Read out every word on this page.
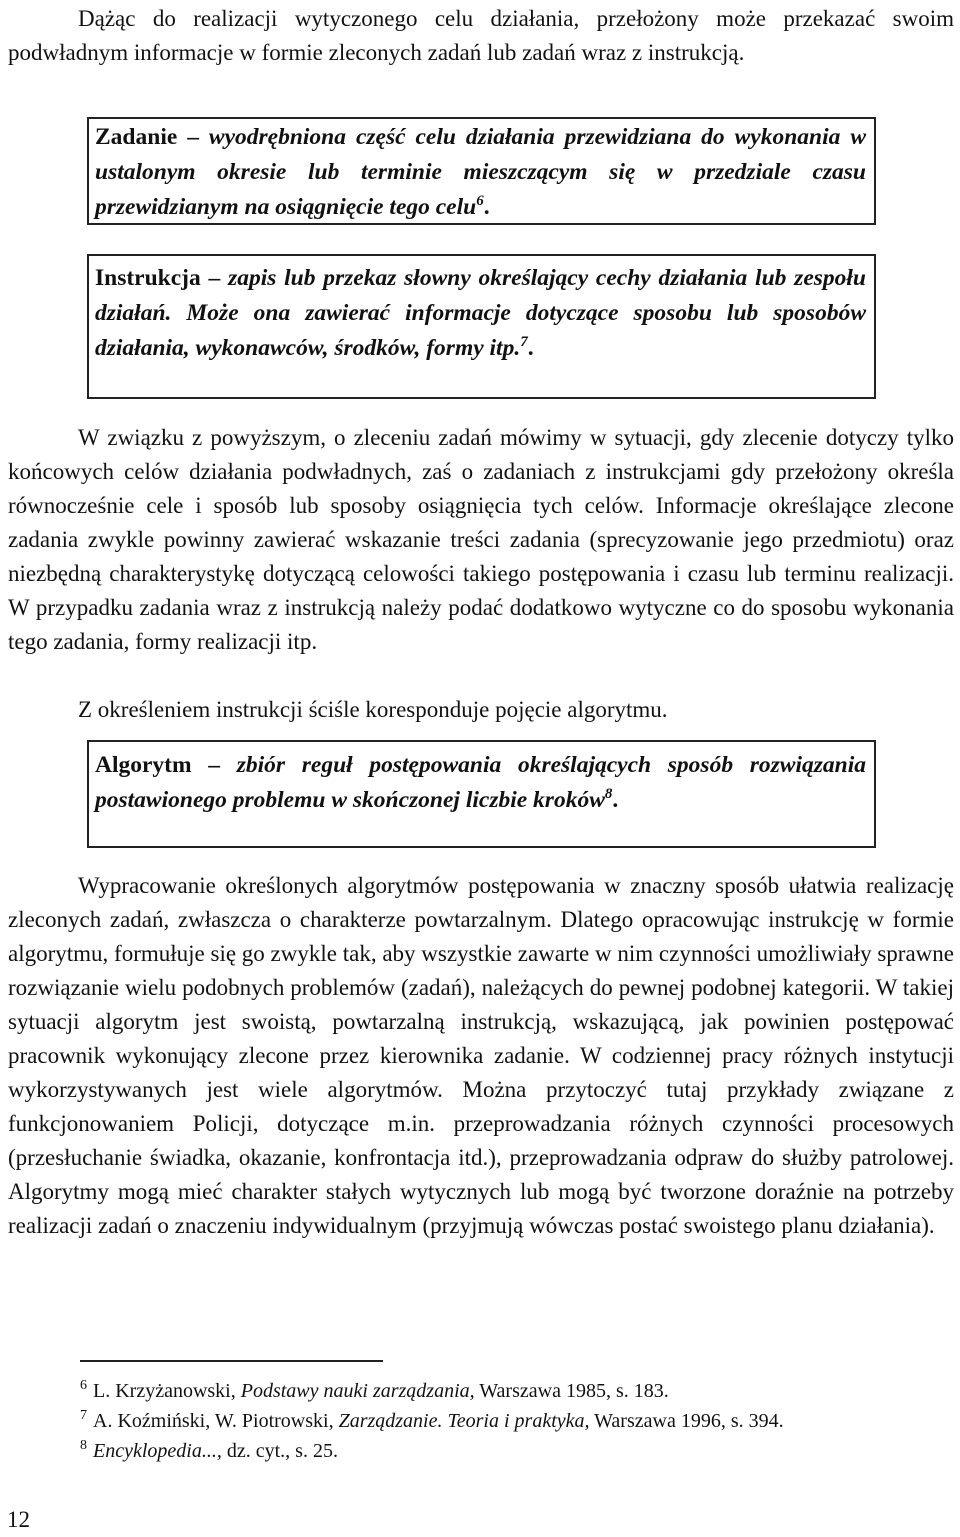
Dążąc do realizacji wytyczonego celu działania, przełożony może przekazać swoim podwładnym informacje w formie zleconych zadań lub zadań wraz z instrukcją.

Zadanie – wyodrębniona część celu działania przewidziana do wykonania w ustalonym okresie lub terminie mieszczącym się w przedziale czasu przewidzianym na osiągnięcie tego celu$^6$.
Instrukcja – zapis lub przekaz słowny określający cechy działania lub zespołu działań. Może ona zawierać informacje dotyczące sposobu lub sposobów działania, wykonawców, środków, formy itp.$^7$.

W związku z powyższym, o zleceniu zadań mówimy w sytuacji, gdy zlecenie dotyczy tylko końcowych celów działania podwładnych, zaś o zadaniach z instrukcjami gdy przełożony określa równocześnie cele i sposób lub sposoby osiągnięcia tych celów. Informacje określające zlecone zadania zwykle powinny zawierać wskazanie treści zadania (sprecyzowanie jego przedmiotu) oraz niezbędną charakterystykę dotyczącą celowości takiego postępowania i czasu lub terminu realizacji. W przypadku zadania wraz z instrukcją należy podać dodatkowo wytyczne co do sposobu wykonania tego zadania, formy realizacji itp.

Z określeniem instrukcji ściśle koresponduje pojęcie algorytmu.

Algorytm – zbiór reguł postępowania określających sposób rozwiązania postawionego problemu w skończonej liczbie kroków$^8$.

Wypracowanie określonych algorytmów postępowania w znaczny sposób ułatwia realizację zleconych zadań, zwłaszcza o charakterze powtarzalnym. Dlatego opracowując instrukcję w formie algorytmu, formułuje się go zwykle tak, aby wszystkie zawarte w nim czynności umożliwiały sprawne rozwiązanie wielu podobnych problemów (zadań), należących do pewnej podobnej kategorii. W takiej sytuacji algorytm jest swoistą, powtarzalną instrukcją, wskazującą, jak powinien postępować pracownik wykonujący zlecone przez kierownika zadanie. W codziennej pracy różnych instytucji wykorzystywanych jest wiele algorytmów. Można przytoczyć tutaj przykłady związane z funkcjonowaniem Policji, dotyczące m.in. przeprowadzania różnych czynności procesowych (przesłuchanie świadka, okazanie, konfrontacja itd.), przeprowadzania odpraw do służby patrolowej. Algorytmy mogą mieć charakter stałych wytycznych lub mogą być tworzone doraźnie na potrzeby realizacji zadań o znaczeniu indywidualnym (przyjmują wówczas postać swoistego planu działania).

$^6$ L. Krzyżanowski, Podstawy nauki zarządzania, Warszawa 1985, s. 183.
$^7$ A. Koźmiński, W. Piotrowski, Zarządzanie. Teoria i praktyka, Warszawa 1996, s. 394.
$^8$ Encyklopedia..., dz. cyt., s. 25.
12
